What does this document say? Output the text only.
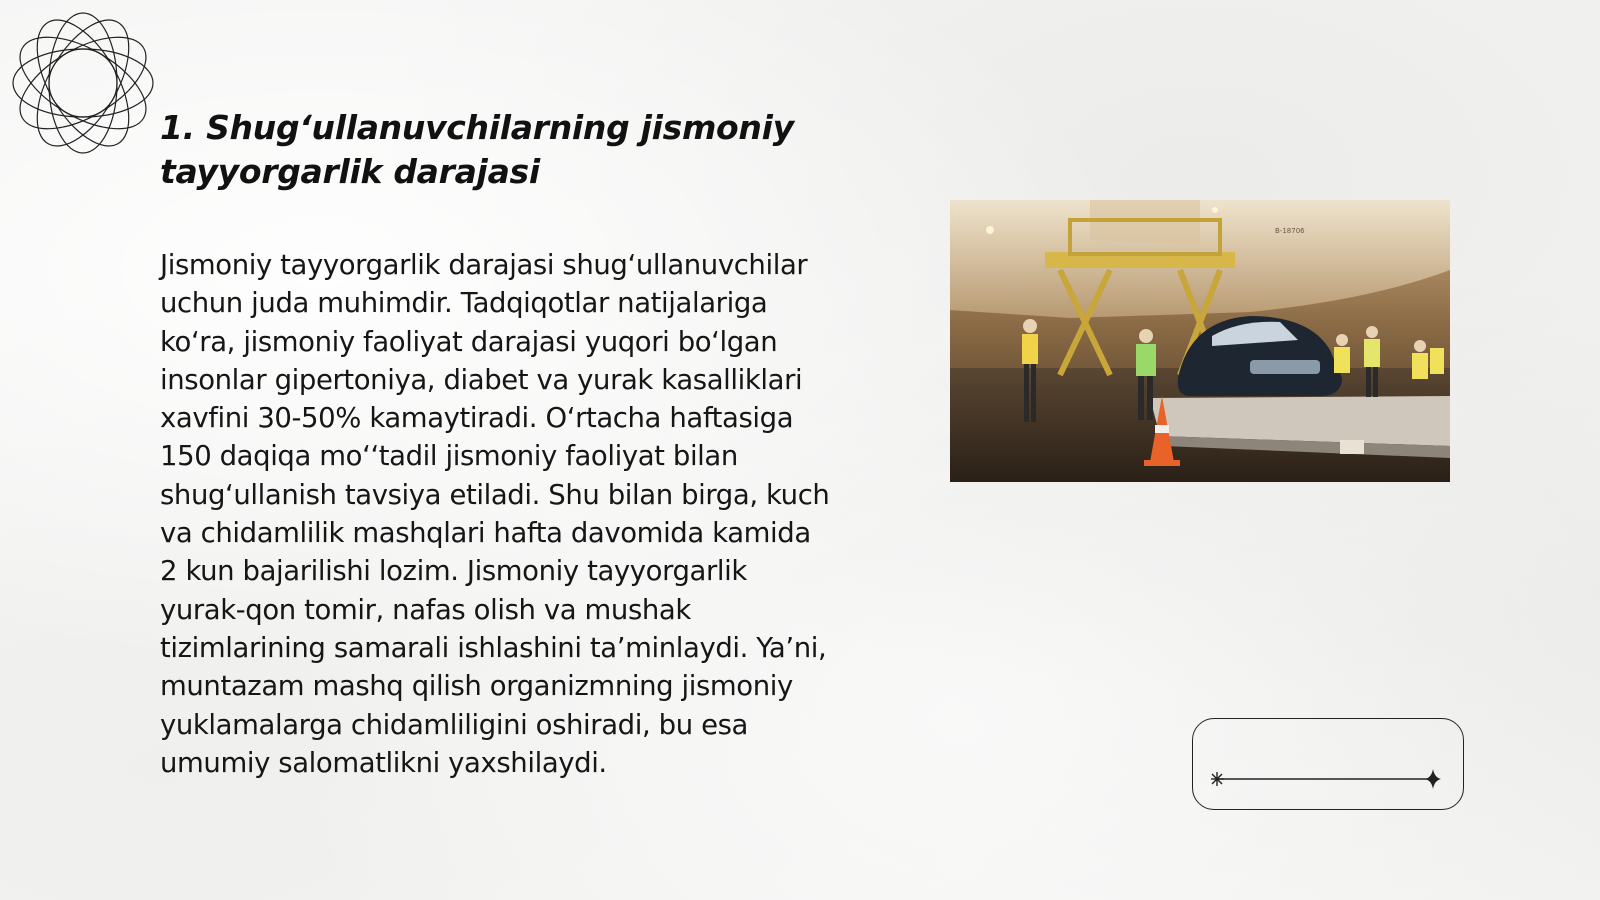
1. Shug‘ullanuvchilarning jismoniy tayyorgarlik darajasi

Jismoniy tayyorgarlik darajasi shug‘ullanuvchilar uchun juda muhimdir. Tadqiqotlar natijalariga ko‘ra, jismoniy faoliyat darajasi yuqori bo‘lgan insonlar gipertoniya, diabet va yurak kasalliklari xavfini 30-50% kamaytiradi. O‘rtacha haftasiga 150 daqiqa mo‘‘tadil jismoniy faoliyat bilan shug‘ullanish tavsiya etiladi. Shu bilan birga, kuch va chidamlilik mashqlari hafta davomida kamida 2 kun bajarilishi lozim. Jismoniy tayyorgarlik yurak-qon tomir, nafas olish va mushak tizimlarining samarali ishlashini ta’minlaydi. Ya’ni, muntazam mashq qilish organizmning jismoniy yuklamalarga chidamliligini oshiradi, bu esa umumiy salomatlikni yaxshilaydi.

B-18706
